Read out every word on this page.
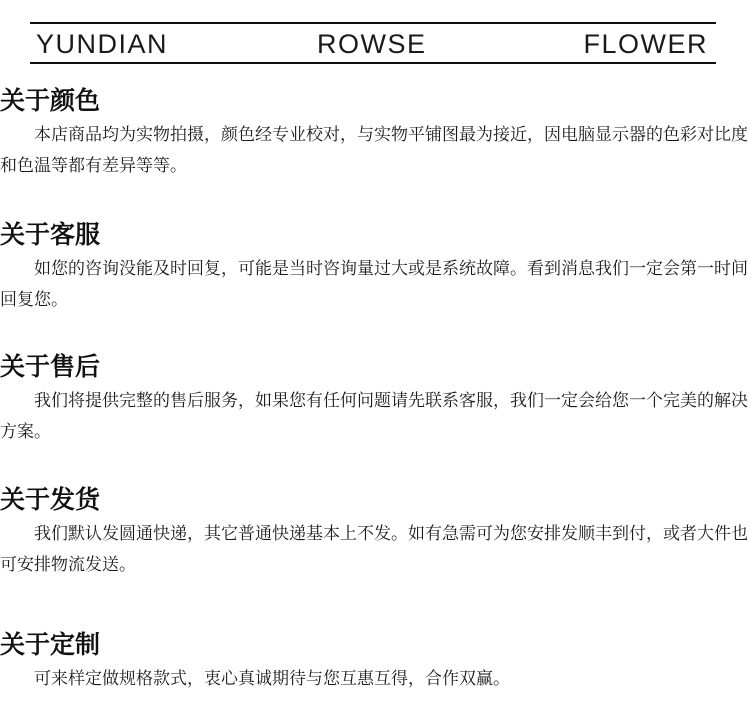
YUNDIAN	ROWSE	FLOWER
关于颜色

本店商品均为实物拍摄，颜色经专业校对，与实物平铺图最为接近，因电脑显示器的色彩对比度和色温等都有差异等等。

关于客服

如您的咨询没能及时回复，可能是当时咨询量过大或是系统故障。看到消息我们一定会第一时间回复您。

关于售后

我们将提供完整的售后服务，如果您有任何问题请先联系客服，我们一定会给您一个完美的解决方案。

关于发货

我们默认发圆通快递，其它普通快递基本上不发。如有急需可为您安排发顺丰到付，或者大件也可安排物流发送。

关于定制

可来样定做规格款式，衷心真诚期待与您互惠互得，合作双赢。
